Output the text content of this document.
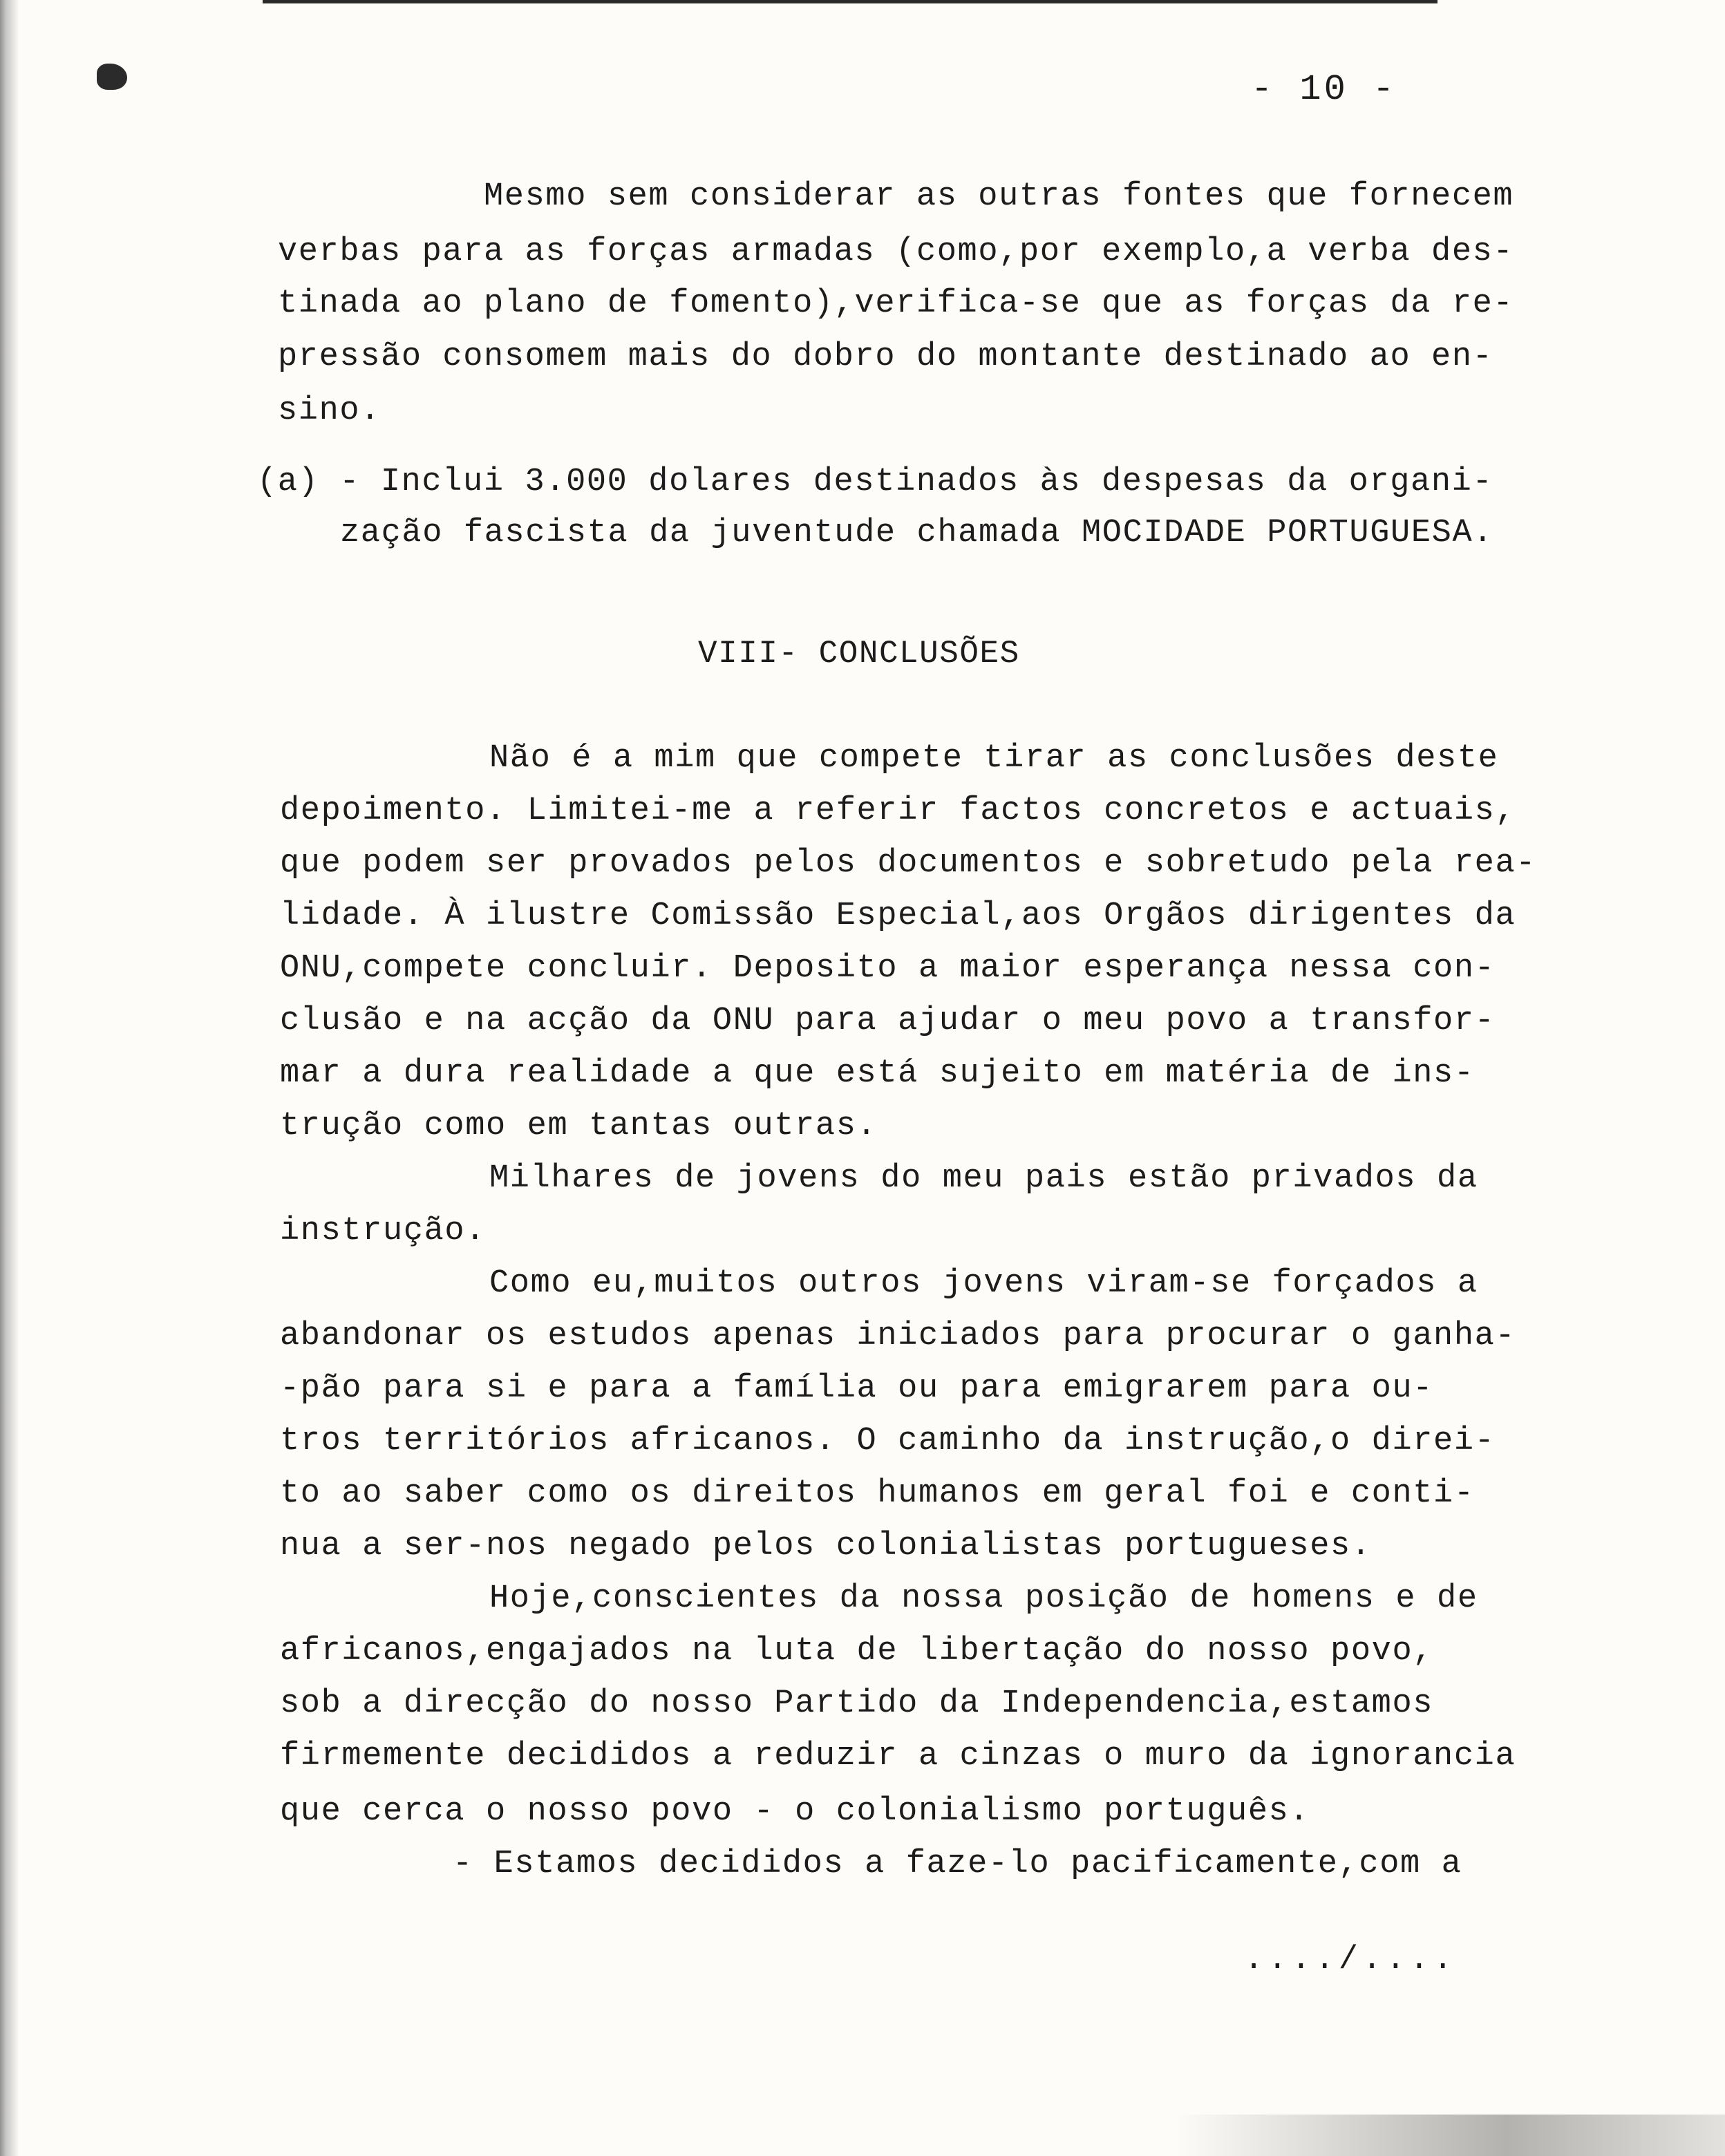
- 10 -
Mesmo sem considerar as outras fontes que fornecem
verbas para as forças armadas (como,por exemplo,a verba des-
tinada ao plano de fomento),verifica-se que as forças da re-
pressão consomem mais do dobro do montante destinado ao en-
sino.
(a) - Inclui 3.000 dolares destinados às despesas da organi-
zação fascista da juventude chamada MOCIDADE PORTUGUESA.
VIII- CONCLUSÕES
Não é a mim que compete tirar as conclusões deste
depoimento. Limitei-me a referir factos concretos e actuais,
que podem ser provados pelos documentos e sobretudo pela rea-
lidade. À ilustre Comissão Especial,aos Orgãos dirigentes da
ONU,compete concluir. Deposito a maior esperança nessa con-
clusão e na acção da ONU para ajudar o meu povo a transfor-
mar a dura realidade a que está sujeito em matéria de ins-
trução como em tantas outras.
Milhares de jovens do meu pais estão privados da
instrução.
Como eu,muitos outros jovens viram-se forçados a
abandonar os estudos apenas iniciados para procurar o ganha-
-pão para si e para a família ou para emigrarem para ou-
tros territórios africanos. O caminho da instrução,o direi-
to ao saber como os direitos humanos em geral foi e conti-
nua a ser-nos negado pelos colonialistas portugueses.
Hoje,conscientes da nossa posição de homens e de
africanos,engajados na luta de libertação do nosso povo,
sob a direcção do nosso Partido da Independencia,estamos
firmemente decididos a reduzir a cinzas o muro da ignorancia
que cerca o nosso povo - o colonialismo português.
- Estamos decididos a faze-lo pacificamente,com a
..../....
